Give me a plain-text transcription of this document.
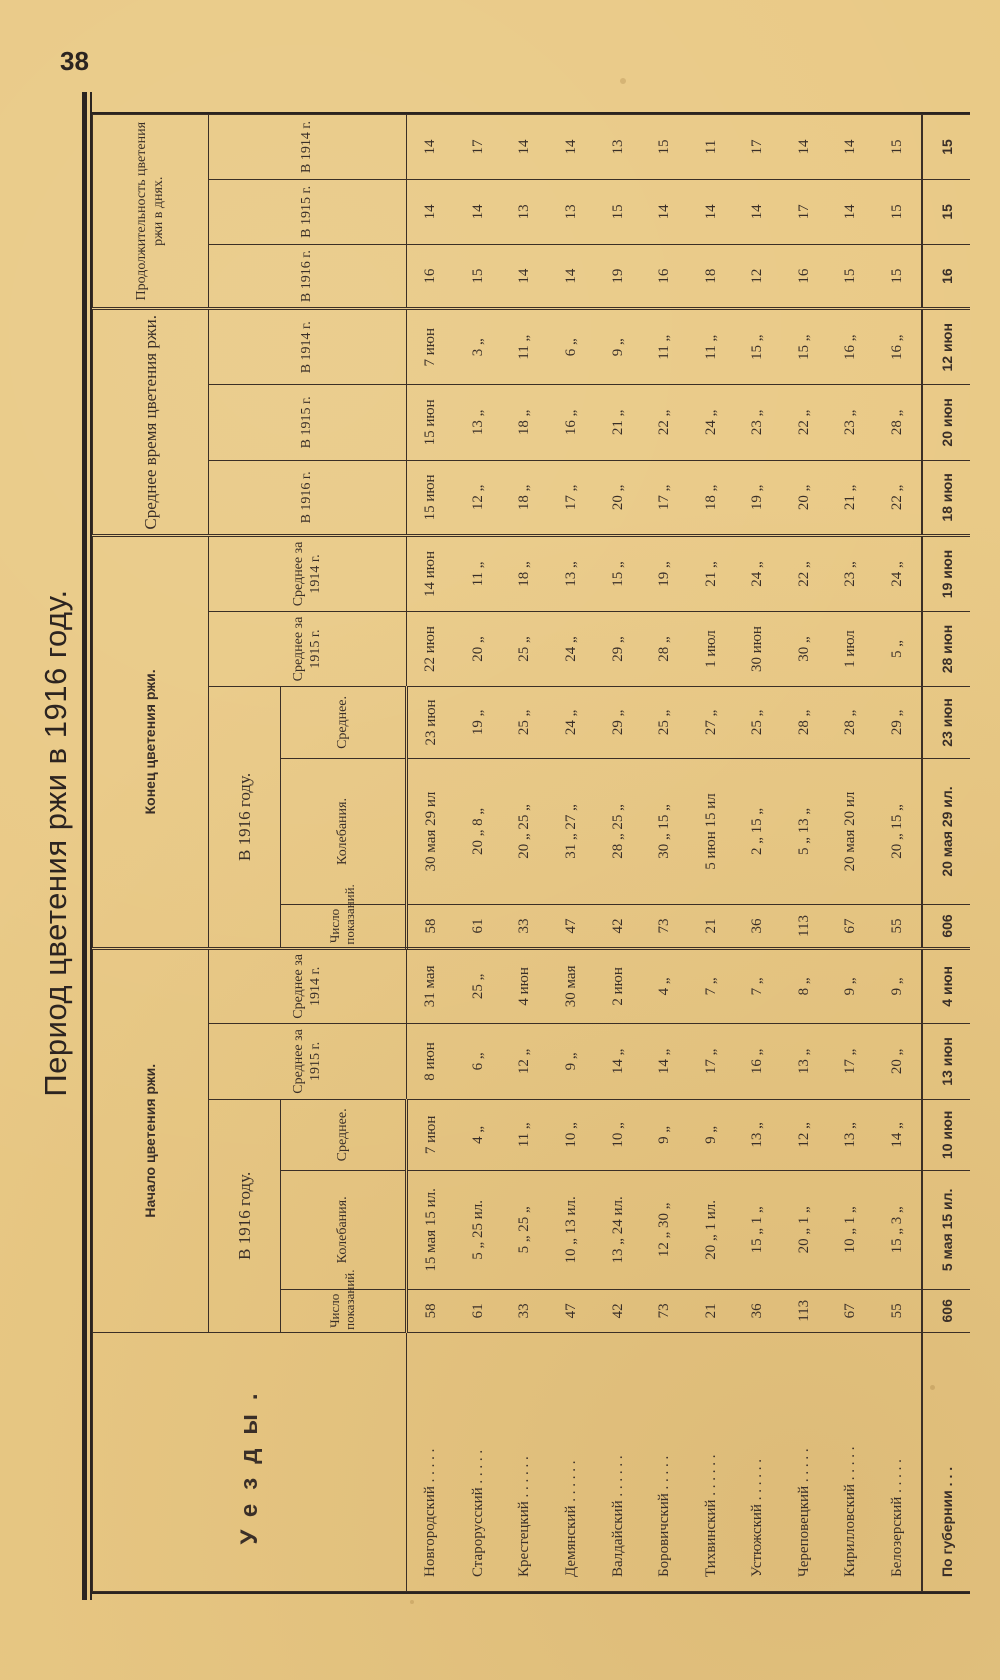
38
Период цветения ржи в 1916 году.
Уезды.	Начало цветения ржи.					Конец цветения ржи.					Среднее время цветения ржи.			Продолжительность цветения ржи в днях.		
	В 1916 году.			Среднее за 1915 г.	Среднее за 1914 г.	В 1916 году.			Среднее за 1915 г.	Среднее за 1914 г.	В 1916 г.	В 1915 г.	В 1914 г.	В 1916 г.	В 1915 г.	В 1914 г.
	Число показаний.	Колебания.	Среднее.			Число показаний.	Колебания.	Среднее.								
Новгородский . . . . .	58	15 мая 15 ил.	7 июн	8 июн	31 мая	58	30 мая 29 ил	23 июн	22 июн	14 июн	15 июн	15 июн	7 июн	16	14	14
Старорусский . . . . .	61	5 „ 25 ил.	4 „	6 „	25 „	61	20 „ 8 „	19 „	20 „	11 „	12 „	13 „	3 „	15	14	17
Крестецкий . . . . . .	33	5 „ 25 „	11 „	12 „	4 июн	33	20 „ 25 „	25 „	25 „	18 „	18 „	18 „	11 „	14	13	14
Демянский . . . . . .	47	10 „ 13 ил.	10 „	9 „	30 мая	47	31 „ 27 „	24 „	24 „	13 „	17 „	16 „	6 „	14	13	14
Валдайский . . . . . .	42	13 „ 24 ил.	10 „	14 „	2 июн	42	28 „ 25 „	29 „	29 „	15 „	20 „	21 „	9 „	19	15	13
Боровичский . . . . .	73	12 „ 30 „	9 „	14 „	4 „	73	30 „ 15 „	25 „	28 „	19 „	17 „	22 „	11 „	16	14	15
Тихвинский . . . . . .	21	20 „ 1 ил.	9 „	17 „	7 „	21	5 июн 15 ил	27 „	1 июл	21 „	18 „	24 „	11 „	18	14	11
Устюжский . . . . . .	36	15 „ 1 „	13 „	16 „	7 „	36	2 „ 15 „	25 „	30 июн	24 „	19 „	23 „	15 „	12	14	17
Череповецкий . . . . .	113	20 „ 1 „	12 „	13 „	8 „	113	5 „ 13 „	28 „	30 „	22 „	20 „	22 „	15 „	16	17	14
Кирилловский . . . . .	67	10 „ 1 „	13 „	17 „	9 „	67	20 мая 20 ил	28 „	1 июл	23 „	21 „	23 „	16 „	15	14	14
Белозерский . . . . .	55	15 „ 3 „	14 „	20 „	9 „	55	20 „ 15 „	29 „	5 „	24 „	22 „	28 „	16 „	15	15	15
По губернии . . .	606	5 мая 15 ил.	10 июн	13 июн	4 июн	606	20 мая 29 ил.	23 июн	28 июн	19 июн	18 июн	20 июн	12 июн	16	15	15
